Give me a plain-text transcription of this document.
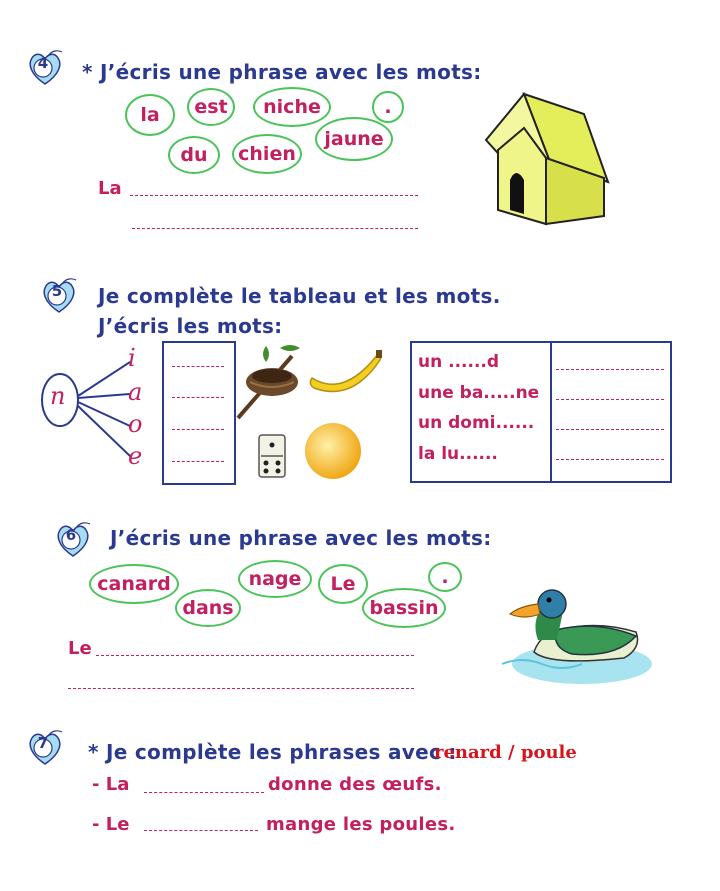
4	* J’écris une phrase avec les mots:
la	est	niche	.
jaune
du	chien
La
5	Je complète le tableau et les mots.
J’écris les mots:
n
i
a
o
e
un ......d
une ba.....ne
un domi......
la lu......
6	J’écris une phrase avec les mots:
canard	nage	Le	.
dans	bassin
Le
7	* Je complète les phrases avec :
renard / poule
- La	donne des œufs.
- Le	mange les poules.
